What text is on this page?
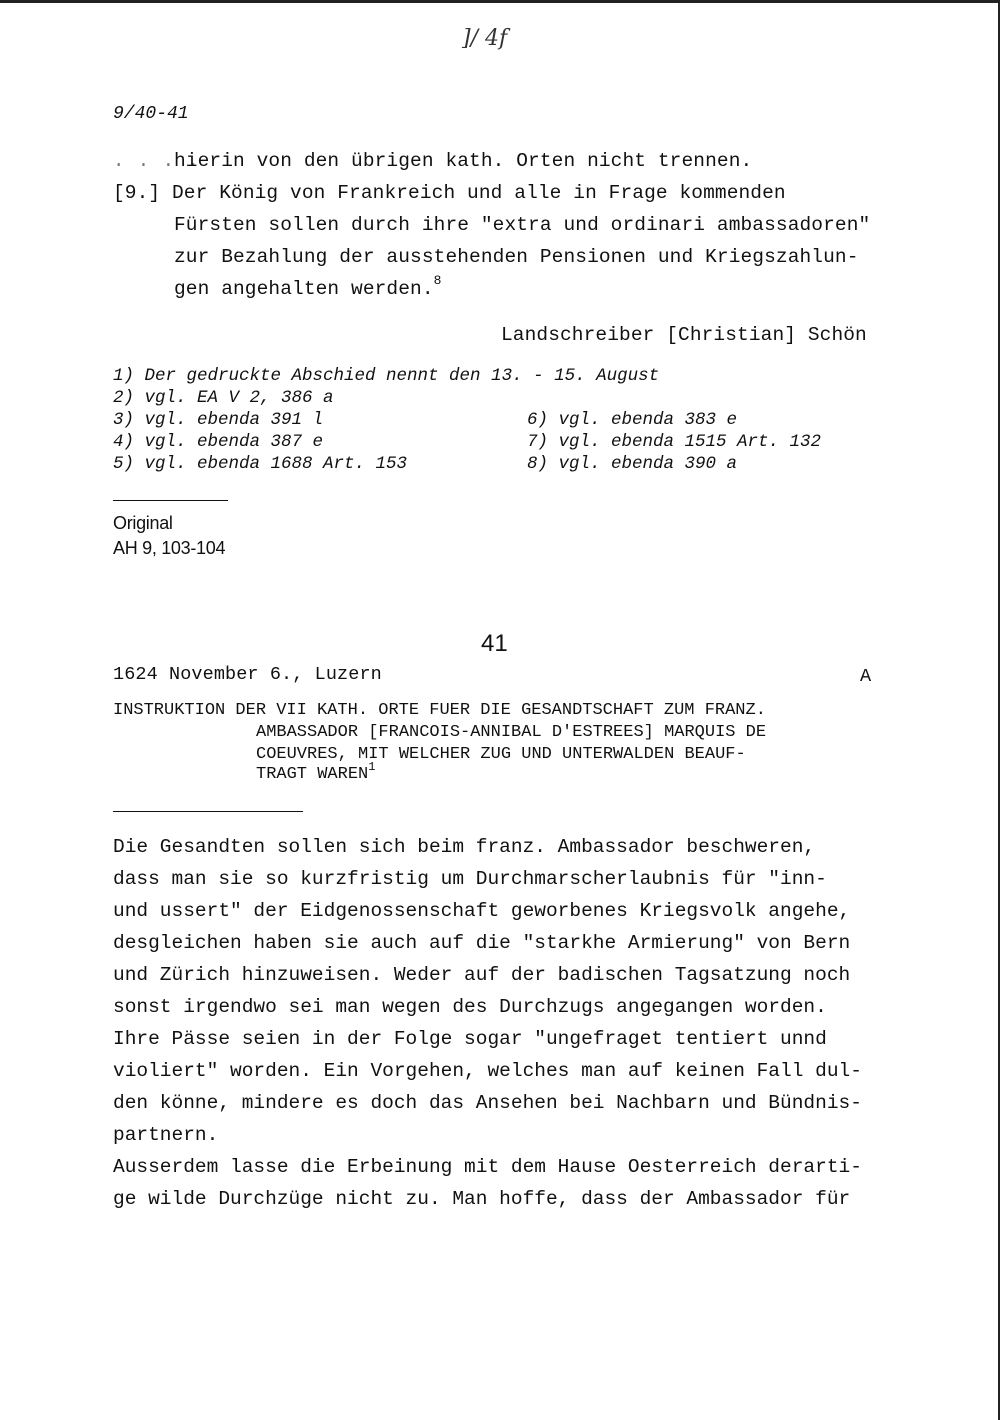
]/ 4f
9/40-41
. . . .
hierin von den übrigen kath. Orten nicht trennen.
[9.] Der König von Frankreich und alle in Frage kommenden
Fürsten sollen durch ihre "extra und ordinari ambassadoren"
zur Bezahlung der ausstehenden Pensionen und Kriegszahlun-
gen angehalten werden.$^8$
Landschreiber [Christian] Schön
1) Der gedruckte Abschied nennt den 13. - 15. August
2) vgl. EA V 2, 386 a
3) vgl. ebenda 391 l
4) vgl. ebenda 387 e
5) vgl. ebenda 1688 Art. 153
6) vgl. ebenda 383 e
7) vgl. ebenda 1515 Art. 132
8) vgl. ebenda 390 a
Original
AH 9, 103-104
41
1624 November 6., Luzern	A
INSTRUKTION DER VII KATH. ORTE FUER DIE GESANDTSCHAFT ZUM FRANZ.
AMBASSADOR [FRANCOIS-ANNIBAL D'ESTREES] MARQUIS DE
COEUVRES, MIT WELCHER ZUG UND UNTERWALDEN BEAUF-
TRAGT WAREN$^1$
Die Gesandten sollen sich beim franz. Ambassador beschweren,
dass man sie so kurzfristig um Durchmarscherlaubnis für "inn-
und ussert" der Eidgenossenschaft geworbenes Kriegsvolk angehe,
desgleichen haben sie auch auf die "starkhe Armierung" von Bern
und Zürich hinzuweisen. Weder auf der badischen Tagsatzung noch
sonst irgendwo sei man wegen des Durchzugs angegangen worden.
Ihre Pässe seien in der Folge sogar "ungefraget tentiert unnd
violiert" worden. Ein Vorgehen, welches man auf keinen Fall dul-
den könne, mindere es doch das Ansehen bei Nachbarn und Bündnis-
partnern.
Ausserdem lasse die Erbeinung mit dem Hause Oesterreich derarti-
ge wilde Durchzüge nicht zu. Man hoffe, dass der Ambassador für
